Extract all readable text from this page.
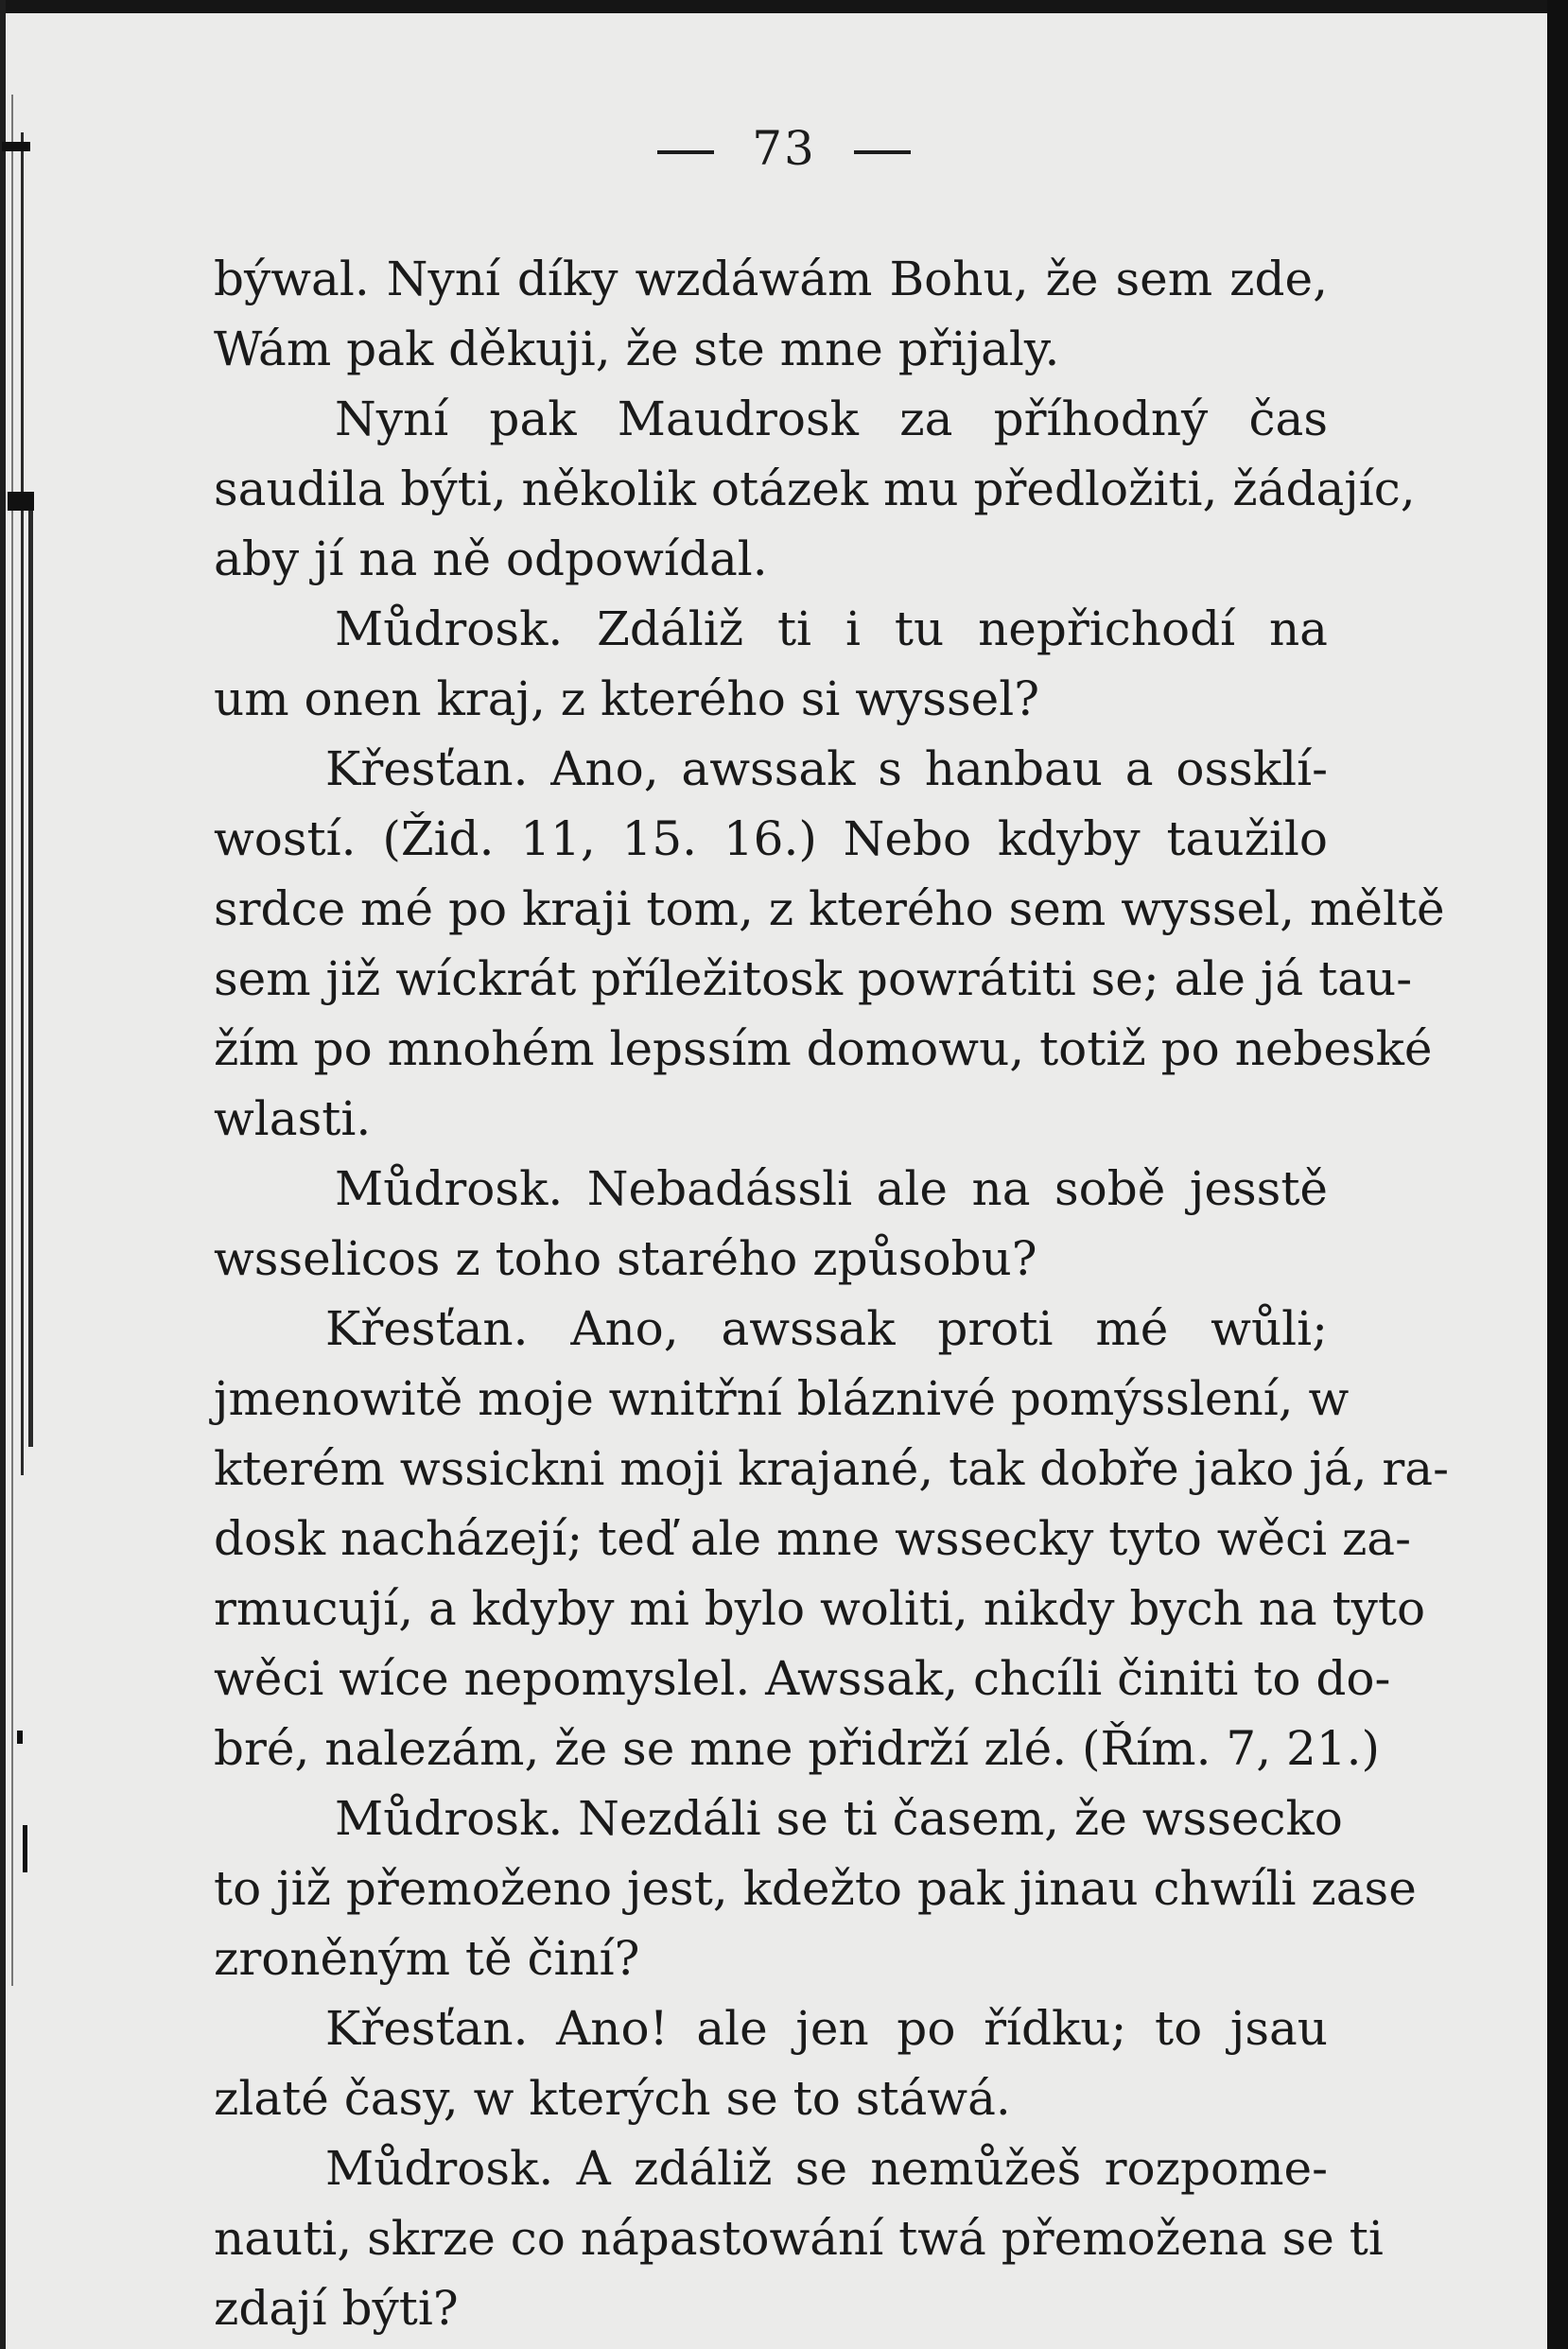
73
býwal. Nyní díky wzdáwám Bohu, že sem zde,
Wám pak děkuji, že ste mne přijaly.
Nyní pak Maudrosk za příhodný čas
saudila býti, několik otázek mu předložiti, žádajíc,
aby jí na ně odpowídal.
Můdrosk. Zdáliž ti i tu nepřichodí na
um onen kraj, z kterého si wyssel?
Křesťan. Ano, awssak s hanbau a ossklí-
wostí. (Žid. 11, 15. 16.) Nebo kdyby taužilo
srdce mé po kraji tom, z kterého sem wyssel, měltě
sem již wíckrát příležitosk powrátiti se; ale já tau-
žím po mnohém lepssím domowu, totiž po nebeské
wlasti.
Můdrosk. Nebadássli ale na sobě jesstě
wsselicos z toho starého způsobu?
Křesťan. Ano, awssak proti mé wůli;
jmenowitě moje wnitřní bláznivé pomýsslení, w
kterém wssickni moji krajané, tak dobře jako já, ra-
dosk nacházejí; teď ale mne wssecky tyto wěci za-
rmucují, a kdyby mi bylo woliti, nikdy bych na tyto
wěci wíce nepomyslel. Awssak, chcíli činiti to do-
bré, nalezám, že se mne přidrží zlé. (Řím. 7, 21.)
Můdrosk. Nezdáli se ti časem, že wssecko
to již přemoženo jest, kdežto pak jinau chwíli zase
zroněným tě činí?
Křesťan. Ano! ale jen po řídku; to jsau
zlaté časy, w kterých se to stáwá.
Můdrosk. A zdáliž se nemůžeš rozpome-
nauti, skrze co nápastowání twá přemožena se ti
zdají býti?
